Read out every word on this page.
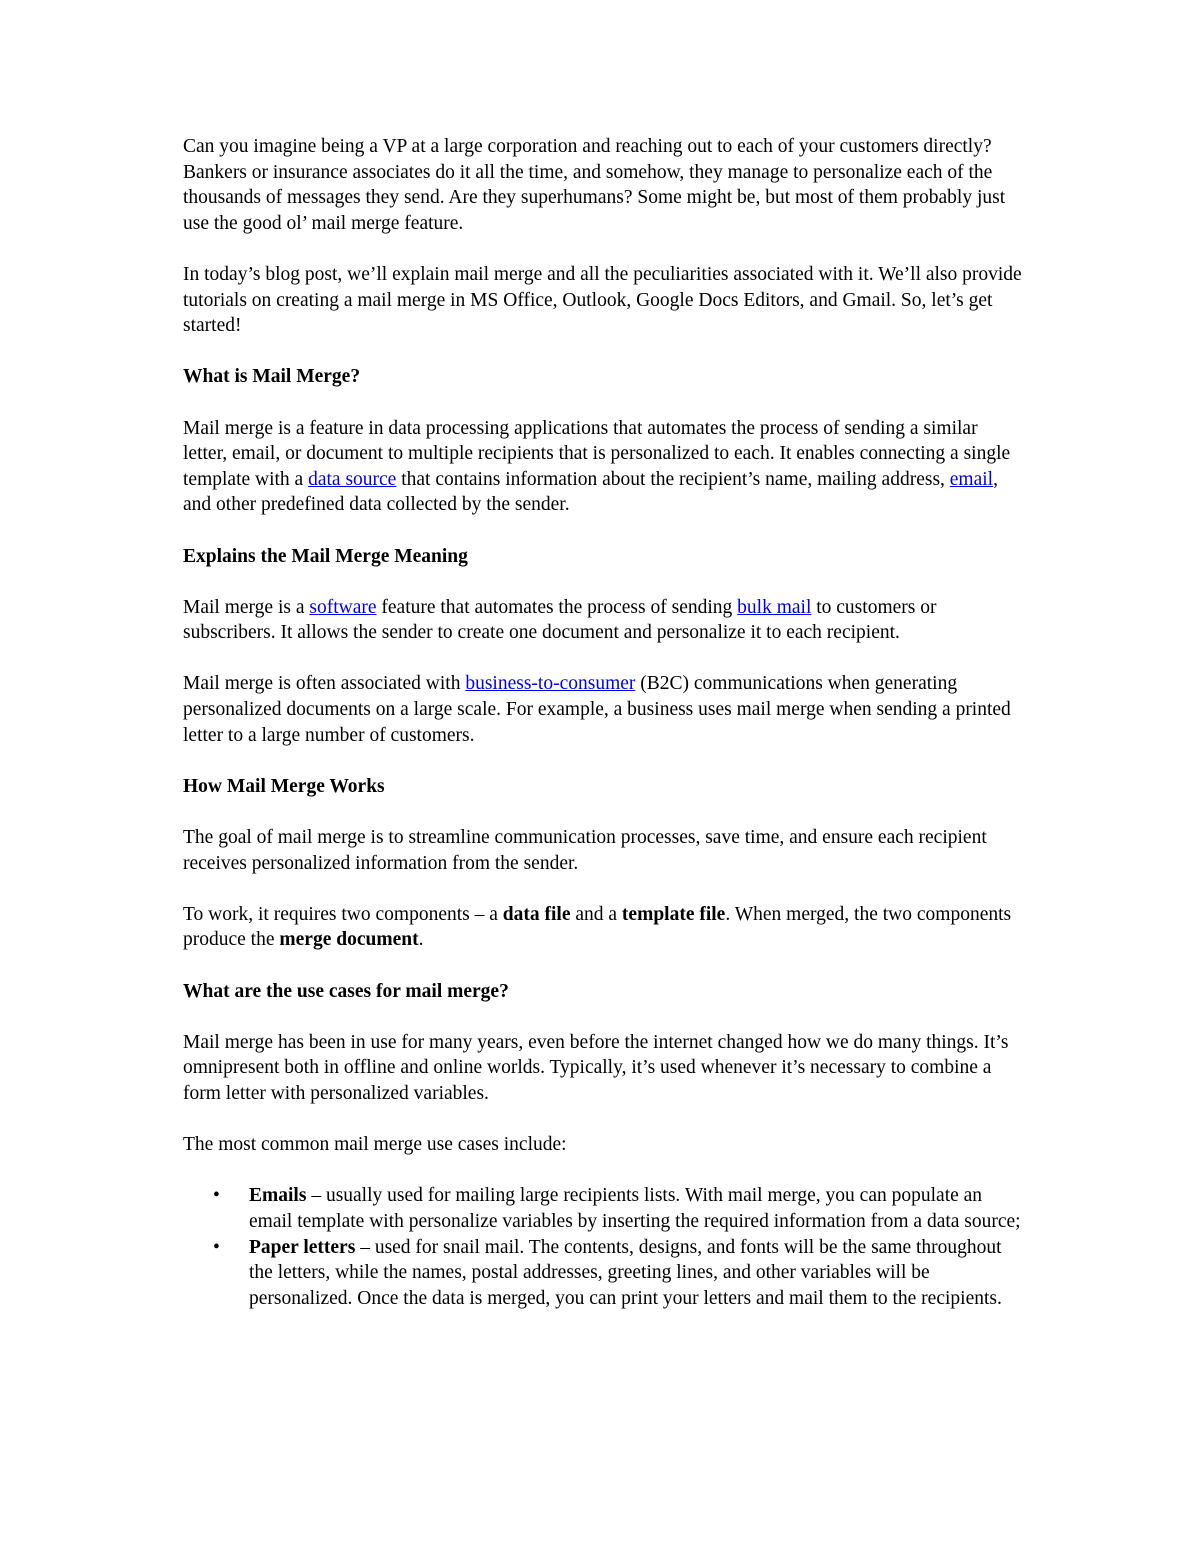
Can you imagine being a VP at a large corporation and reaching out to each of your customers directly? Bankers or insurance associates do it all the time, and somehow, they manage to personalize each of the thousands of messages they send. Are they superhumans? Some might be, but most of them probably just use the good ol’ mail merge feature.

In today’s blog post, we’ll explain mail merge and all the peculiarities associated with it. We’ll also provide tutorials on creating a mail merge in MS Office, Outlook, Google Docs Editors, and Gmail. So, let’s get started!

What is Mail Merge?

Mail merge is a feature in data processing applications that automates the process of sending a similar letter, email, or document to multiple recipients that is personalized to each. It enables connecting a single template with a data source that contains information about the recipient’s name, mailing address, email, and other predefined data collected by the sender.

Explains the Mail Merge Meaning

Mail merge is a software feature that automates the process of sending bulk mail to customers or subscribers. It allows the sender to create one document and personalize it to each recipient.

Mail merge is often associated with business-to-consumer (B2C) communications when generating personalized documents on a large scale. For example, a business uses mail merge when sending a printed letter to a large number of customers.

How Mail Merge Works

The goal of mail merge is to streamline communication processes, save time, and ensure each recipient receives personalized information from the sender.

To work, it requires two components – a data file and a template file. When merged, the two components produce the merge document.

What are the use cases for mail merge?

Mail merge has been in use for many years, even before the internet changed how we do many things. It’s omnipresent both in offline and online worlds. Typically, it’s used whenever it’s necessary to combine a form letter with personalized variables.

The most common mail merge use cases include:

• Emails – usually used for mailing large recipients lists. With mail merge, you can populate an email template with personalize variables by inserting the required information from a data source;
• Paper letters – used for snail mail. The contents, designs, and fonts will be the same throughout the letters, while the names, postal addresses, greeting lines, and other variables will be personalized. Once the data is merged, you can print your letters and mail them to the recipients.
